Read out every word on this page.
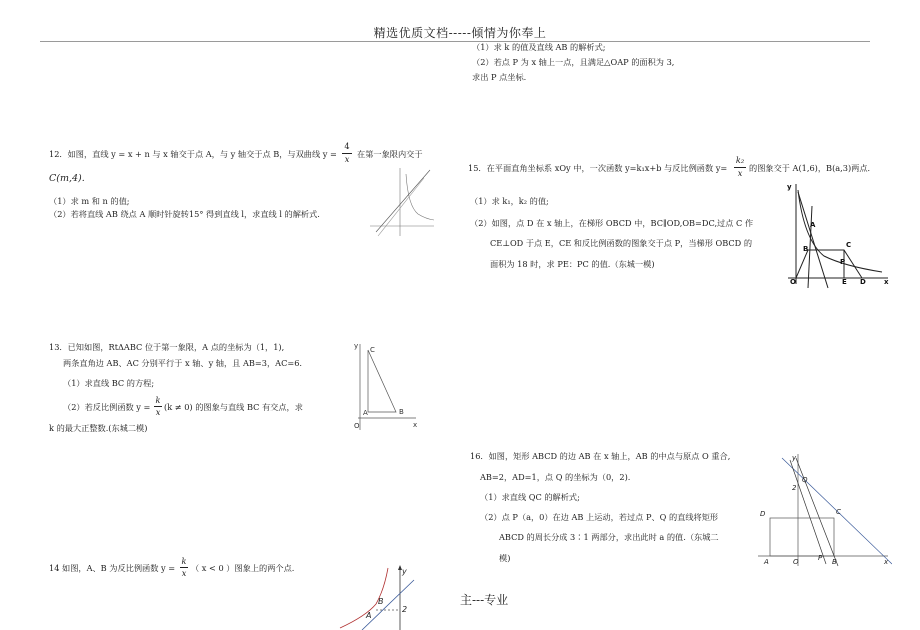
精选优质文档-----倾情为你奉上
（1）求 k 的值及直线 AB 的解析式;
（2）若点 P 为 x 轴上一点，且满足△OAP 的面积为 3,
求出 P 点坐标.
12．如图，直线 y = x + n 与 x 轴交于点 A，与 y 轴交于点 B，与双曲线 y =
4
x 在第一象限内交于
C(m,4).
（1）求 m 和 n 的值;
（2）若将直线 AB 绕点 A 顺时针旋转15° 得到直线 l，求直线 l 的解析式.
13．已知如图，RtΔABC 位于第一象限，A 点的坐标为（1，1),
两条直角边 AB、AC 分别平行于 x 轴、y 轴，且 AB=3，AC=6.
（1）求直线 BC 的方程;
（2）若反比例函数 y =
k
x (k ≠ 0) 的图象与直线 BC 有交点，求
k 的最大正整数.(东城二模)
y
x
O
A	B
C
14 如图，A、B 为反比例函数 y =
k
x （ x < 0 ）图象上的两个点.
A
B
y
2
15．在平面直角坐标系 xOy 中，一次函数 y=k₁x+b 与反比例函数 y=
k₂
x 的图象交于 A(1,6)，B(a,3)两点．
（1）求 k₁，k₂ 的值;
（2）如图，点 D 在 x 轴上，在梯形 OBCD 中，BC∥OD,OB=DC,过点 C 作
CE⊥OD 于点 E，CE 和反比例函数的图象交于点 P，当梯形 OBCD 的
面积为 18 时，求 PE：PC 的值.（东城一模)
y
A
B	C
P
O	E D	x
16．如图，矩形 ABCD 的边 AB 在 x 轴上，AB 的中点与原点 O 重合,
AB=2，AD=1，点 Q 的坐标为（0，2).
（1）求直线 QC 的解析式;
（2）点 P（a，0）在边 AB 上运动，若过点 P、Q 的直线将矩形
ABCD 的周长分成 3∶1 两部分，求出此时 a 的值.（东城二
模)
y
Q
2
D	C
A	O	P B	x
主---专业
